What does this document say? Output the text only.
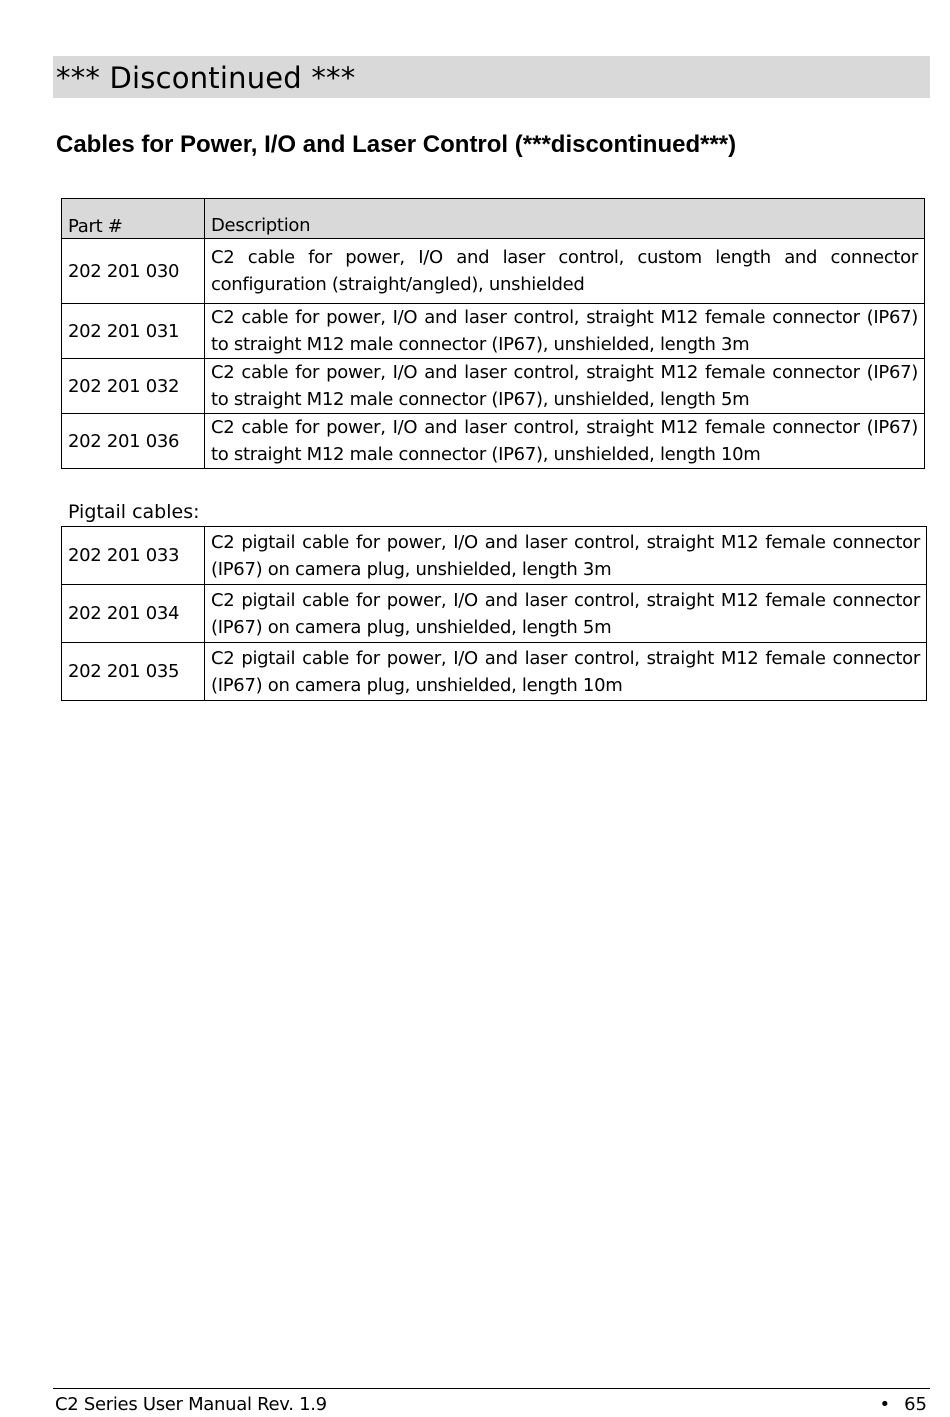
*** Discontinued ***
Cables for Power, I/O and Laser Control (***discontinued***)
Part #	Description
202 201 030	C2 cable for power, I/O and laser control, custom length and connector configuration (straight/angled), unshielded
202 201 031	C2 cable for power, I/O and laser control, straight M12 female connector (IP67) to straight M12 male connector (IP67), unshielded, length 3m
202 201 032	C2 cable for power, I/O and laser control, straight M12 female connector (IP67) to straight M12 male connector (IP67), unshielded, length 5m
202 201 036	C2 cable for power, I/O and laser control, straight M12 female connector (IP67) to straight M12 male connector (IP67), unshielded, length 10m
Pigtail cables:
202 201 033	C2 pigtail cable for power, I/O and laser control, straight M12 female connector (IP67) on camera plug, unshielded, length 3m
202 201 034	C2 pigtail cable for power, I/O and laser control, straight M12 female connector (IP67) on camera plug, unshielded, length 5m
202 201 035	C2 pigtail cable for power, I/O and laser control, straight M12 female connector (IP67) on camera plug, unshielded, length 10m
C2 Series User Manual Rev. 1.9	• 65
